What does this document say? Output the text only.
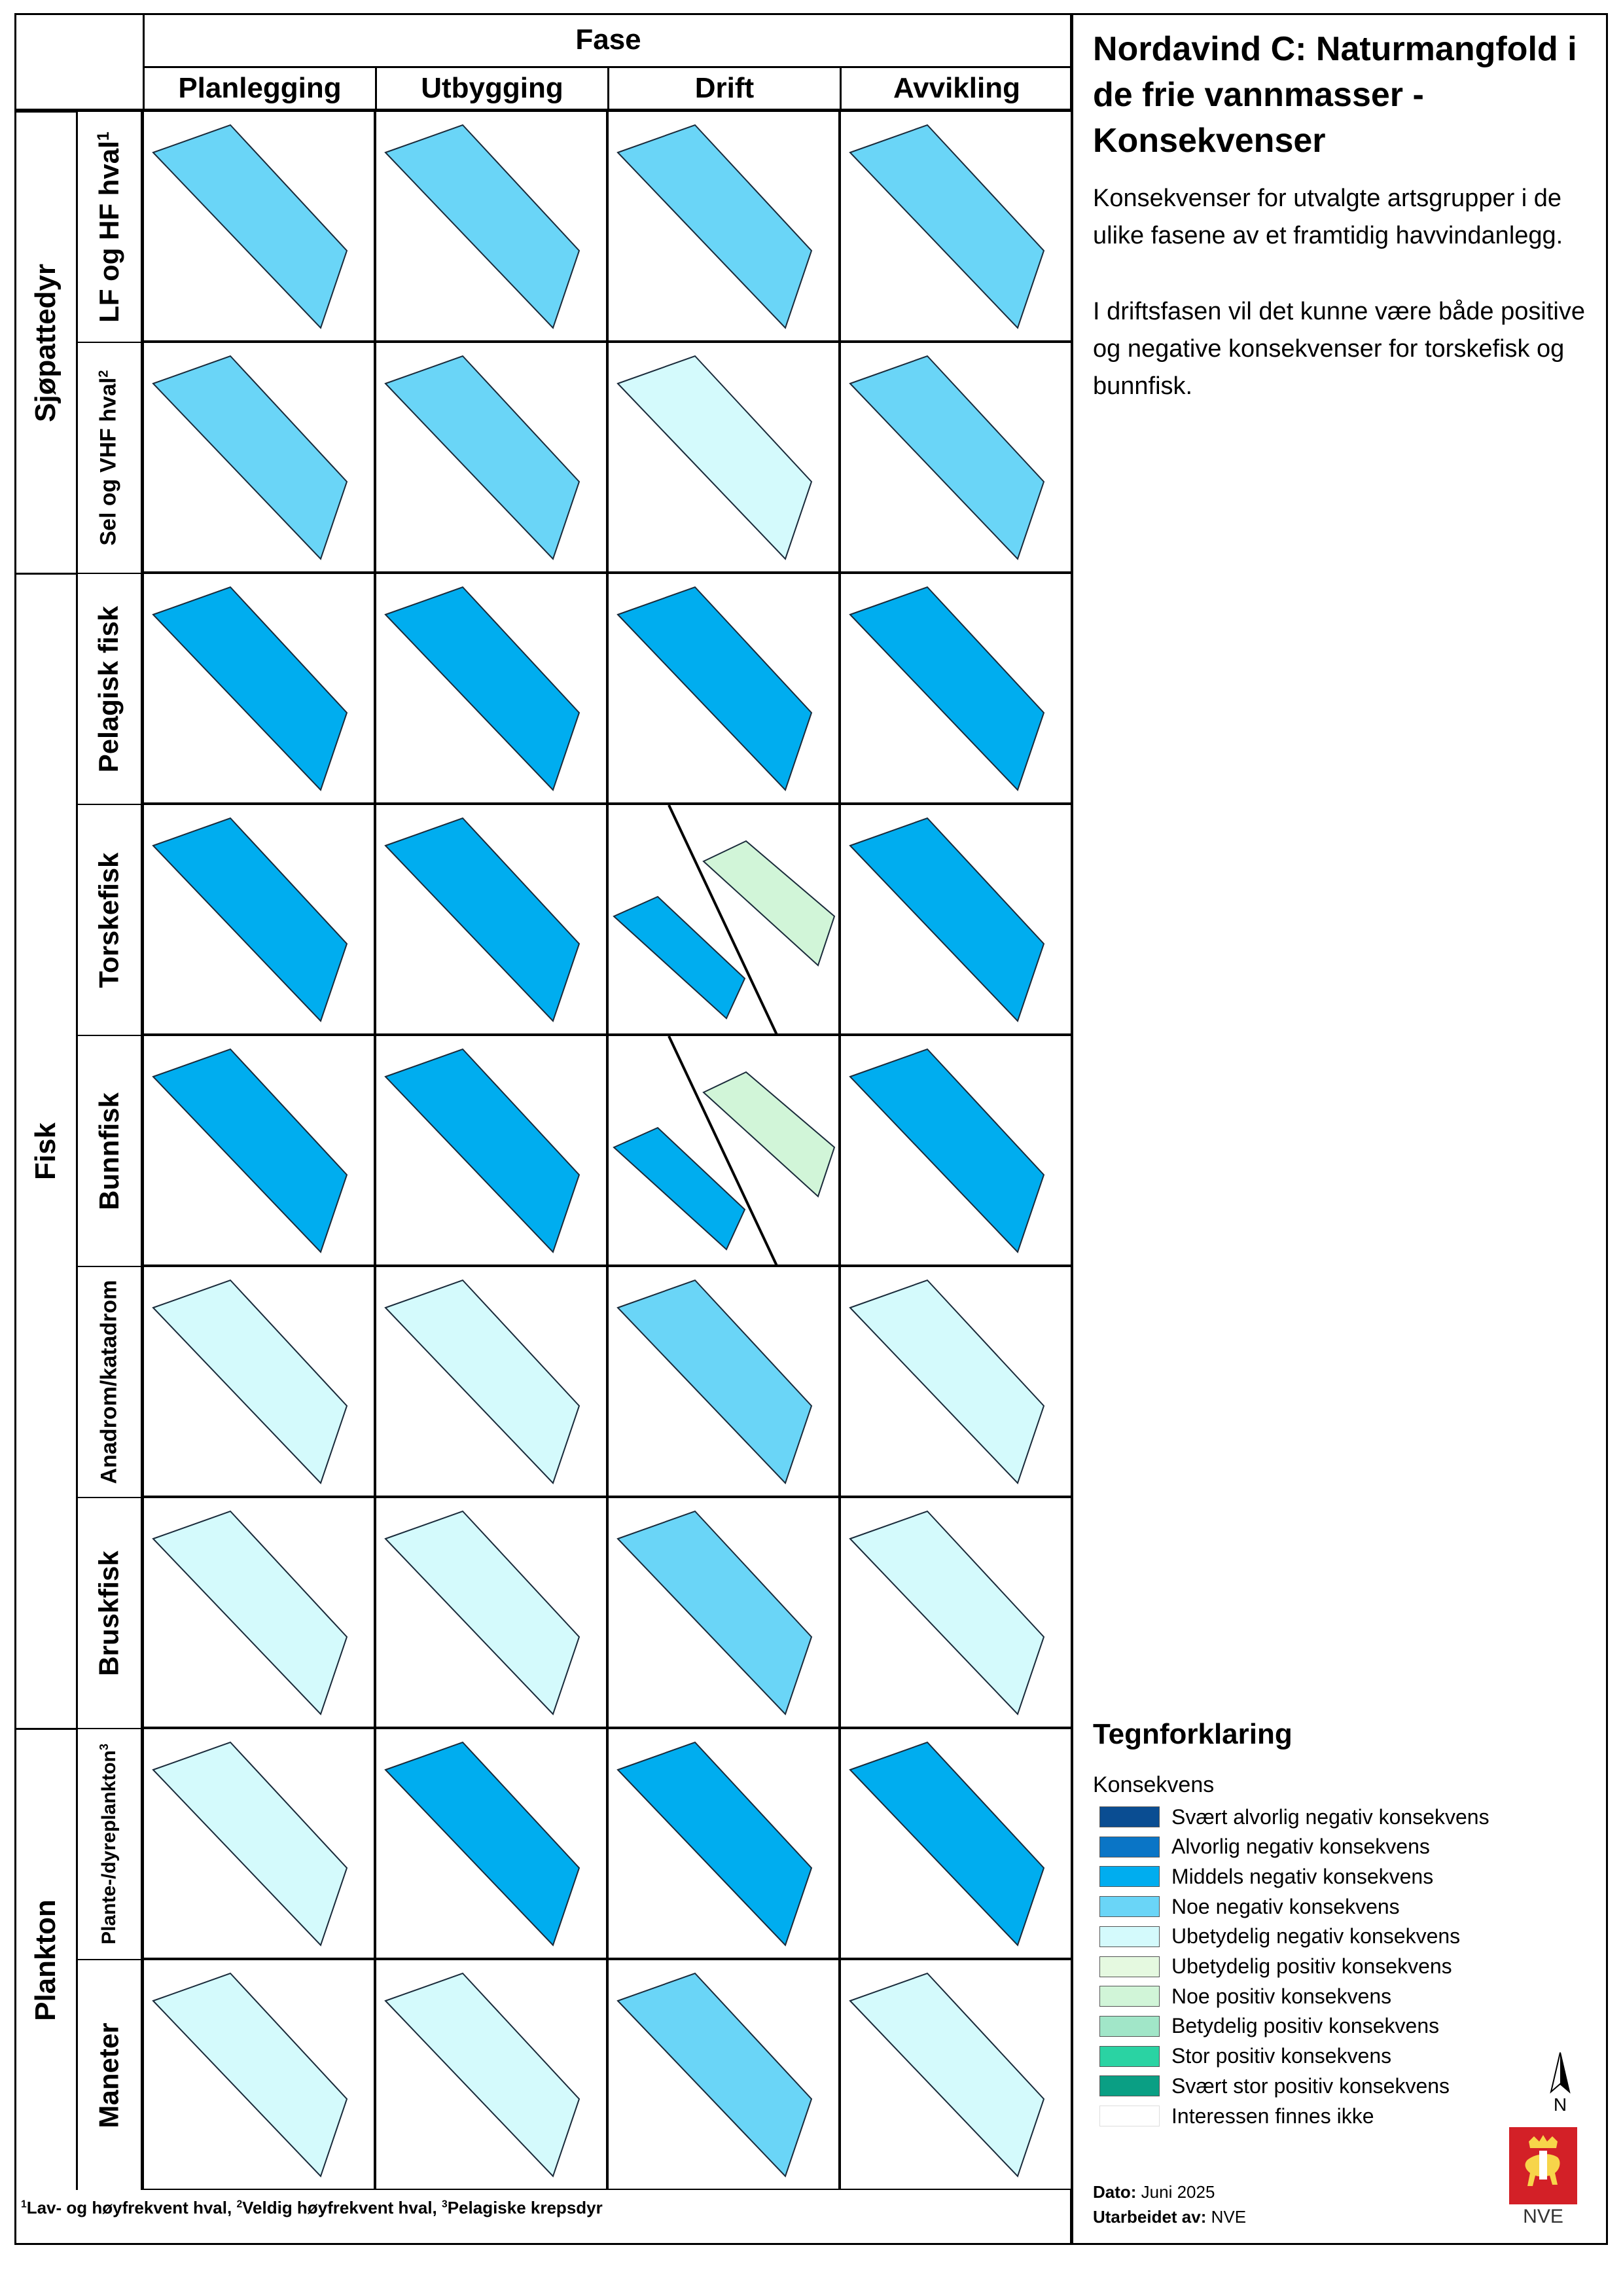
Fase
Planlegging	Utbygging	Drift	Avvikling
Sjøpattedyr
Fisk
Plankton
LF og HF hval$^1$
Sel og VHF hval$^2$
Pelagisk fisk
Torskefisk
Bunnfisk
Anadrom/katadrom
Bruskfisk
Plante-/dyreplankton$^3$
Maneter
$^1$Lav- og høyfrekvent hval, $^2$Veldig høyfrekvent hval, $^3$Pelagiske krepsdyr
Nordavind C: Naturmangfold i de frie vannmasser - Konsekvenser
Konsekvenser for utvalgte artsgrupper i de ulike fasene av et framtidig havvindanlegg.
I driftsfasen vil det kunne være både positive og negative konsekvenser for torskefisk og bunnfisk.
Tegnforklaring
Konsekvens
Svært alvorlig negativ konsekvens
Alvorlig negativ konsekvens
Middels negativ konsekvens
Noe negativ konsekvens
Ubetydelig negativ konsekvens
Ubetydelig positiv konsekvens
Noe positiv konsekvens
Betydelig positiv konsekvens
Stor positiv konsekvens
Svært stor positiv konsekvens
Interessen finnes ikke	N
NVE
Dato: Juni 2025
Utarbeidet av: NVE
